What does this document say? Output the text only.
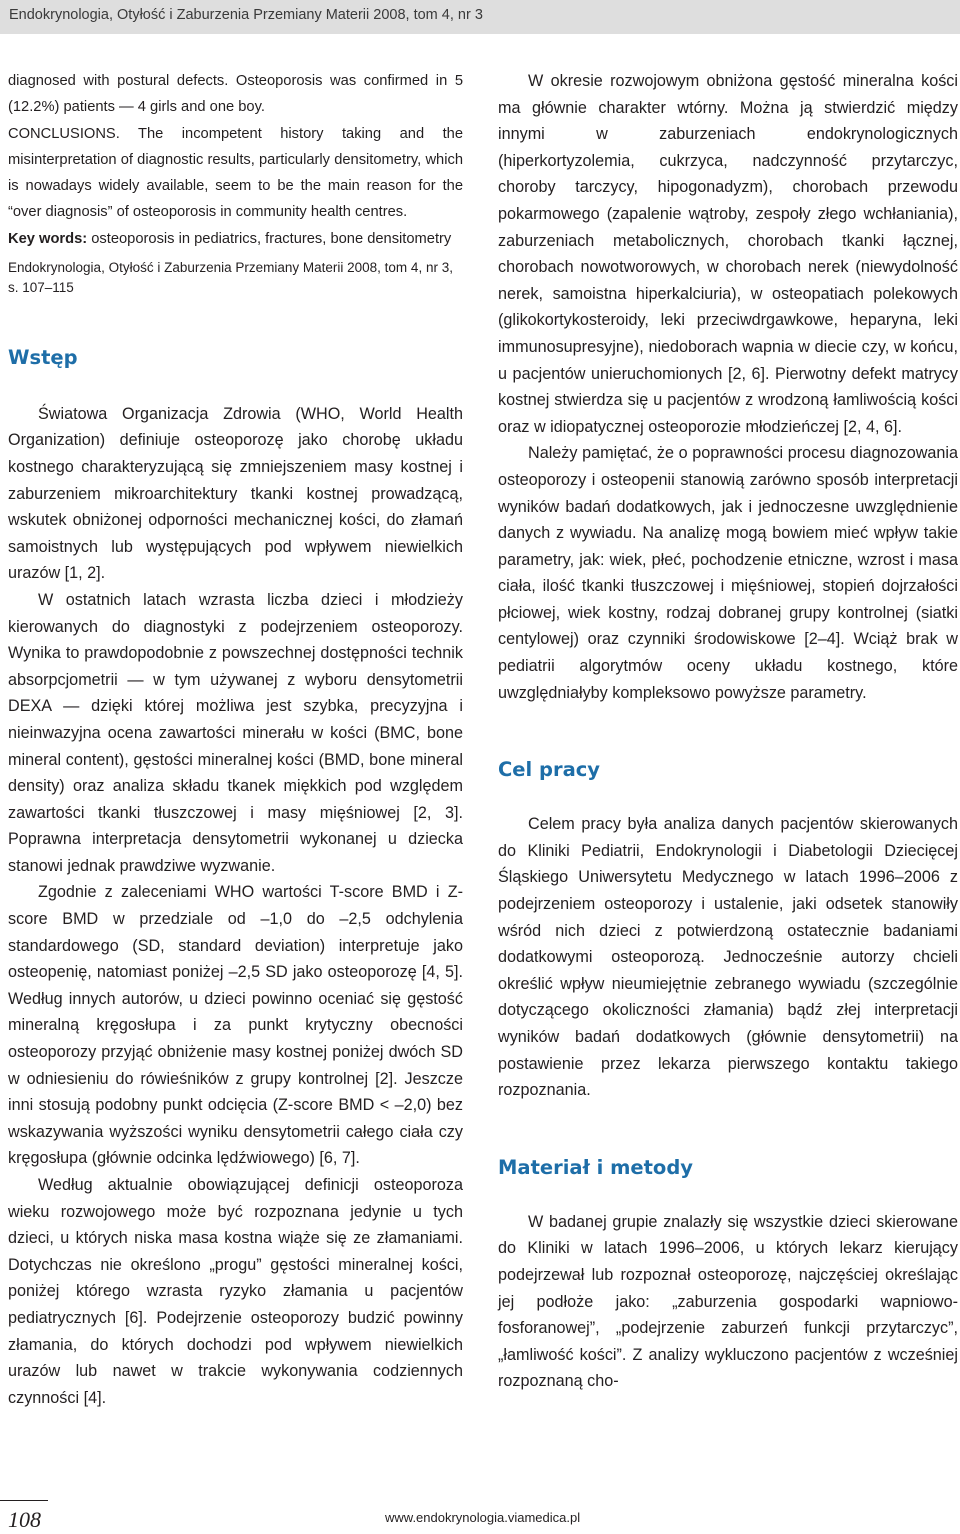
Endokrynologia, Otyłość i Zaburzenia Przemiany Materii 2008, tom 4, nr 3

diagnosed with postural defects. Osteoporosis was confirmed in 5 (12.2%) patients — 4 girls and one boy.

CONCLUSIONS. The incompetent history taking and the misinterpretation of diagnostic results, particularly densitometry, which is nowadays widely available, seem to be the main reason for the “over diagnosis” of osteoporosis in community health centres.

Key words: osteoporosis in pediatrics, fractures, bone densitometry

Endokrynologia, Otyłość i Zaburzenia Przemiany Materii 2008, tom 4, nr 3, s. 107–115

Wstęp

Światowa Organizacja Zdrowia (WHO, World Health Organization) definiuje osteoporozę jako chorobę układu kostnego charakteryzującą się zmniejszeniem masy kostnej i zaburzeniem mikroarchitektury tkanki kostnej prowadzącą, wskutek obniżonej odporności mechanicznej kości, do złamań samoistnych lub występujących pod wpływem niewielkich urazów [1, 2].

W ostatnich latach wzrasta liczba dzieci i młodzieży kierowanych do diagnostyki z podejrzeniem osteoporozy. Wynika to prawdopodobnie z powszechnej dostępności technik absorpcjometrii — w tym używanej z wyboru densytometrii DEXA — dzięki której możliwa jest szybka, precyzyjna i nieinwazyjna ocena zawartości minerału w kości (BMC, bone mineral content), gęstości mineralnej kości (BMD, bone mineral density) oraz analiza składu tkanek miękkich pod względem zawartości tkanki tłuszczowej i masy mięśniowej [2, 3]. Poprawna interpretacja densytometrii wykonanej u dziecka stanowi jednak prawdziwe wyzwanie.

Zgodnie z zaleceniami WHO wartości T-score BMD i Z-score BMD w przedziale od –1,0 do –2,5 odchylenia standardowego (SD, standard deviation) interpretuje jako osteopenię, natomiast poniżej –2,5 SD jako osteoporozę [4, 5]. Według innych autorów, u dzieci powinno oceniać się gęstość mineralną kręgosłupa i za punkt krytyczny obecności osteoporozy przyjąć obniżenie masy kostnej poniżej dwóch SD w odniesieniu do rówieśników z grupy kontrolnej [2]. Jeszcze inni stosują podobny punkt odcięcia (Z-score BMD < –2,0) bez wskazywania wyższości wyniku densytometrii całego ciała czy kręgosłupa (głównie odcinka lędźwiowego) [6, 7].

Według aktualnie obowiązującej definicji osteoporoza wieku rozwojowego może być rozpoznana jedynie u tych dzieci, u których niska masa kostna wiąże się ze złamaniami. Dotychczas nie określono „progu” gęstości mineralnej kości, poniżej którego wzrasta ryzyko złamania u pacjentów pediatrycznych [6]. Podejrzenie osteoporozy budzić powinny złamania, do których dochodzi pod wpływem niewielkich urazów lub nawet w trakcie wykonywania codziennych czynności [4].

W okresie rozwojowym obniżona gęstość mineralna kości ma głównie charakter wtórny. Można ją stwierdzić między innymi w zaburzeniach endokrynologicznych (hiperkortyzolemia, cukrzyca, nadczynność przytarczyc, choroby tarczycy, hipogonadyzm), chorobach przewodu pokarmowego (zapalenie wątroby, zespoły złego wchłaniania), zaburzeniach metabolicznych, chorobach tkanki łącznej, chorobach nowotworowych, w chorobach nerek (niewydolność nerek, samoistna hiperkalciuria), w osteopatiach polekowych (glikokortykosteroidy, leki przeciwdrgawkowe, heparyna, leki immunosupresyjne), niedoborach wapnia w diecie czy, w końcu, u pacjentów unieruchomionych [2, 6]. Pierwotny defekt matrycy kostnej stwierdza się u pacjentów z wrodzoną łamliwością kości oraz w idiopatycznej osteoporozie młodzieńczej [2, 4, 6].

Należy pamiętać, że o poprawności procesu diagnozowania osteoporozy i osteopenii stanowią zarówno sposób interpretacji wyników badań dodatkowych, jak i jednoczesne uwzględnienie danych z wywiadu. Na analizę mogą bowiem mieć wpływ takie parametry, jak: wiek, płeć, pochodzenie etniczne, wzrost i masa ciała, ilość tkanki tłuszczowej i mięśniowej, stopień dojrzałości płciowej, wiek kostny, rodzaj dobranej grupy kontrolnej (siatki centylowej) oraz czynniki środowiskowe [2–4]. Wciąż brak w pediatrii algorytmów oceny układu kostnego, które uwzględniałyby kompleksowo powyższe parametry.

Cel pracy

Celem pracy była analiza danych pacjentów skierowanych do Kliniki Pediatrii, Endokrynologii i Diabetologii Dziecięcej Śląskiego Uniwersytetu Medycznego w latach 1996–2006 z podejrzeniem osteoporozy i ustalenie, jaki odsetek stanowiły wśród nich dzieci z potwierdzoną ostatecznie badaniami dodatkowymi osteoporozą. Jednocześnie autorzy chcieli określić wpływ nieumiejętnie zebranego wywiadu (szczególnie dotyczącego okoliczności złamania) bądź złej interpretacji wyników badań dodatkowych (głównie densytometrii) na postawienie przez lekarza pierwszego kontaktu takiego rozpoznania.

Materiał i metody

W badanej grupie znalazły się wszystkie dzieci skierowane do Kliniki w latach 1996–2006, u których lekarz kierujący podejrzewał lub rozpoznał osteoporozę, najczęściej określając jej podłoże jako: „zaburzenia gospodarki wapniowo-fosforanowej”, „podejrzenie zaburzeń funkcji przytarczyc”, „łamliwość kości”. Z analizy wykluczono pacjentów z wcześniej rozpoznaną cho-

108	www.endokrynologia.viamedica.pl
